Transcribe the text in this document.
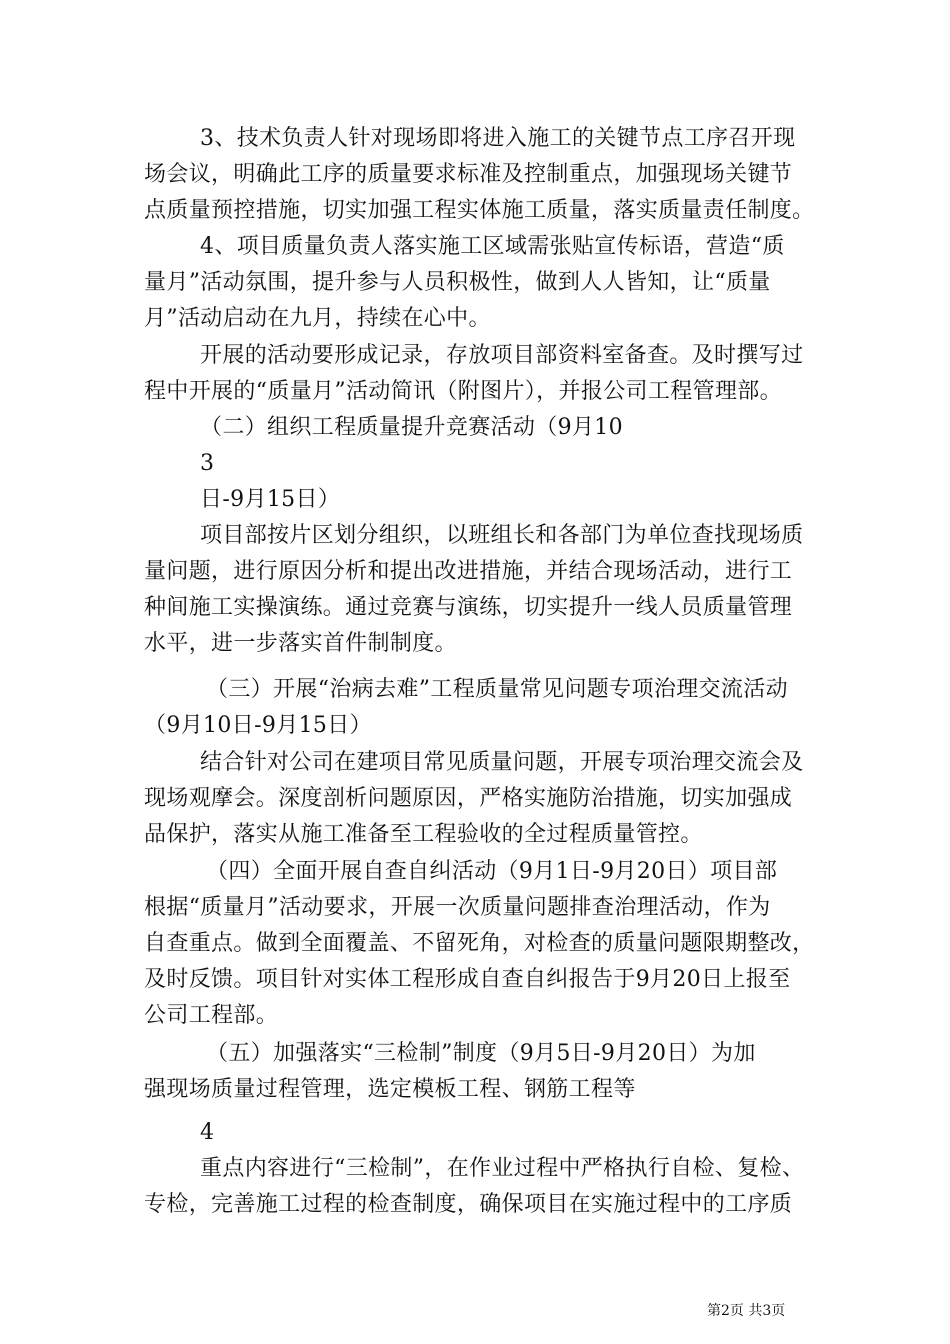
3、技术负责人针对现场即将进入施工的关键节点工序召开现
场会议，明确此工序的质量要求标准及控制重点，加强现场关键节
点质量预控措施，切实加强工程实体施工质量，落实质量责任制度。
4、项目质量负责人落实施工区域需张贴宣传标语，营造“质
量月”活动氛围，提升参与人员积极性，做到人人皆知，让“质量
月”活动启动在九月，持续在心中。
开展的活动要形成记录，存放项目部资料室备查。及时撰写过
程中开展的“质量月”活动简讯（附图片），并报公司工程管理部。
（二）组织工程质量提升竞赛活动（9月10
3
日-9月15日）
项目部按片区划分组织，以班组长和各部门为单位查找现场质
量问题，进行原因分析和提出改进措施，并结合现场活动，进行工
种间施工实操演练。通过竞赛与演练，切实提升一线人员质量管理
水平，进一步落实首件制制度。
（三）开展“治病去难”工程质量常见问题专项治理交流活动
（9月10日-9月15日）
结合针对公司在建项目常见质量问题，开展专项治理交流会及
现场观摩会。深度剖析问题原因，严格实施防治措施，切实加强成
品保护，落实从施工准备至工程验收的全过程质量管控。
（四）全面开展自查自纠活动（9月1日-9月20日）项目部
根据“质量月”活动要求，开展一次质量问题排查治理活动，作为
自查重点。做到全面覆盖、不留死角，对检查的质量问题限期整改，
及时反馈。项目针对实体工程形成自查自纠报告于9月20日上报至
公司工程部。
（五）加强落实“三检制”制度（9月5日-9月20日）为加
强现场质量过程管理，选定模板工程、钢筋工程等
4
重点内容进行“三检制”，在作业过程中严格执行自检、复检、
专检，完善施工过程的检查制度，确保项目在实施过程中的工序质
第2页 共3页
